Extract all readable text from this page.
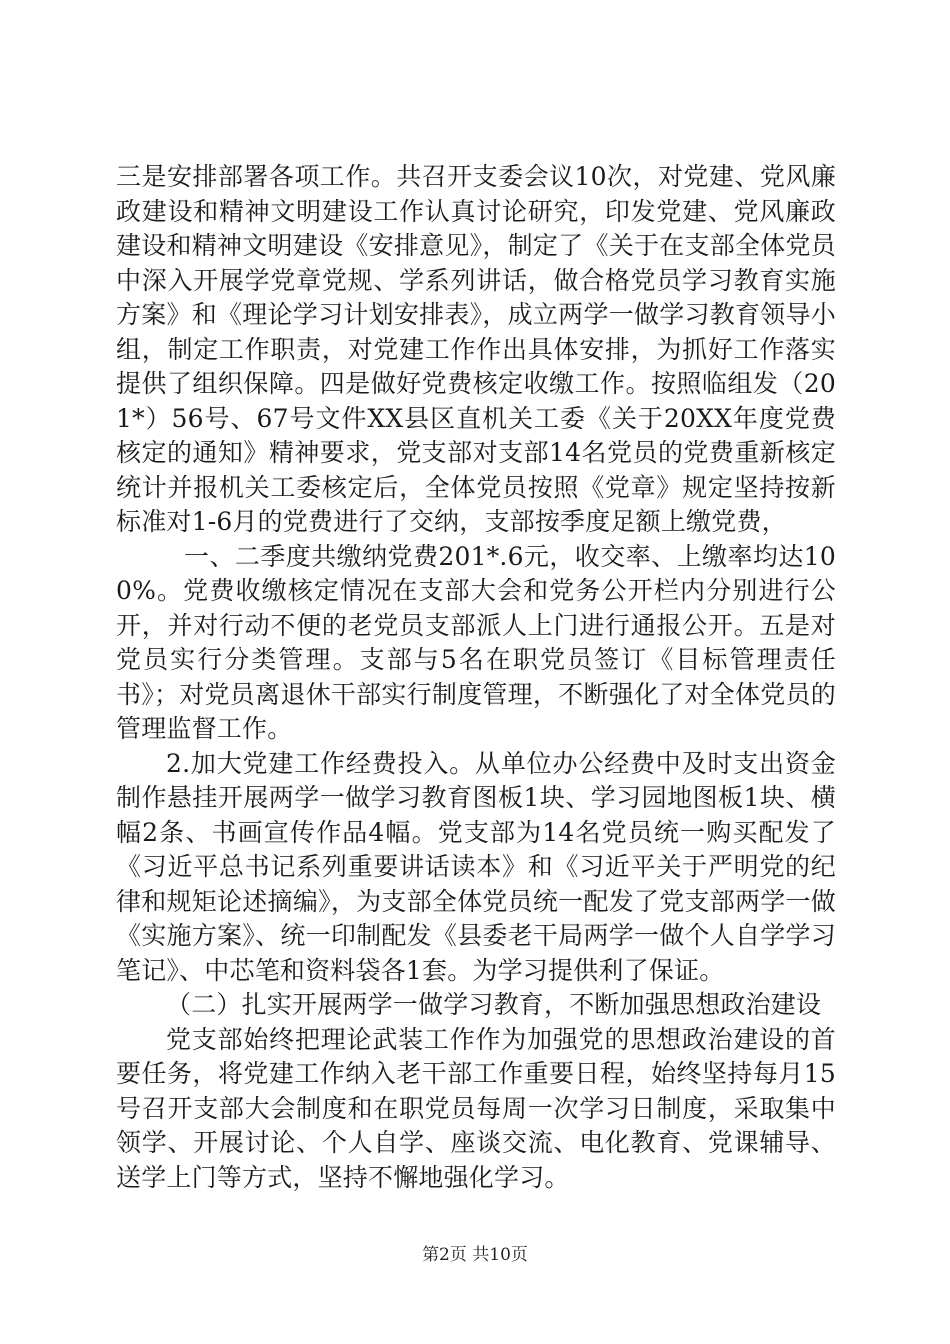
三是安排部署各项工作。共召开支委会议10次，对党建、党风廉政建设和精神文明建设工作认真讨论研究，印发党建、党风廉政建设和精神文明建设《安排意见》，制定了《关于在支部全体党员中深入开展学党章党规、学系列讲话，做合格党员学习教育实施方案》和《理论学习计划安排表》，成立两学一做学习教育领导小组，制定工作职责，对党建工作作出具体安排，为抓好工作落实提供了组织保障。四是做好党费核定收缴工作。按照临组发（201*）56号、67号文件XX县区直机关工委《关于20XX年度党费核定的通知》精神要求，党支部对支部14名党员的党费重新核定统计并报机关工委核定后，全体党员按照《党章》规定坚持按新标准对1-6月的党费进行了交纳，支部按季度足额上缴党费，

一、二季度共缴纳党费201*.6元，收交率、上缴率均达100%。党费收缴核定情况在支部大会和党务公开栏内分别进行公开，并对行动不便的老党员支部派人上门进行通报公开。五是对党员实行分类管理。支部与5名在职党员签订《目标管理责任书》；对党员离退休干部实行制度管理，不断强化了对全体党员的管理监督工作。

2.加大党建工作经费投入。从单位办公经费中及时支出资金制作悬挂开展两学一做学习教育图板1块、学习园地图板1块、横幅2条、书画宣传作品4幅。党支部为14名党员统一购买配发了《习近平总书记系列重要讲话读本》和《习近平关于严明党的纪律和规矩论述摘编》，为支部全体党员统一配发了党支部两学一做《实施方案》、统一印制配发《县委老干局两学一做个人自学学习笔记》、中芯笔和资料袋各1套。为学习提供利了保证。

（二）扎实开展两学一做学习教育，不断加强思想政治建设

党支部始终把理论武装工作作为加强党的思想政治建设的首要任务，将党建工作纳入老干部工作重要日程，始终坚持每月15号召开支部大会制度和在职党员每周一次学习日制度，采取集中领学、开展讨论、个人自学、座谈交流、电化教育、党课辅导、送学上门等方式，坚持不懈地强化学习。

第2页 共10页
